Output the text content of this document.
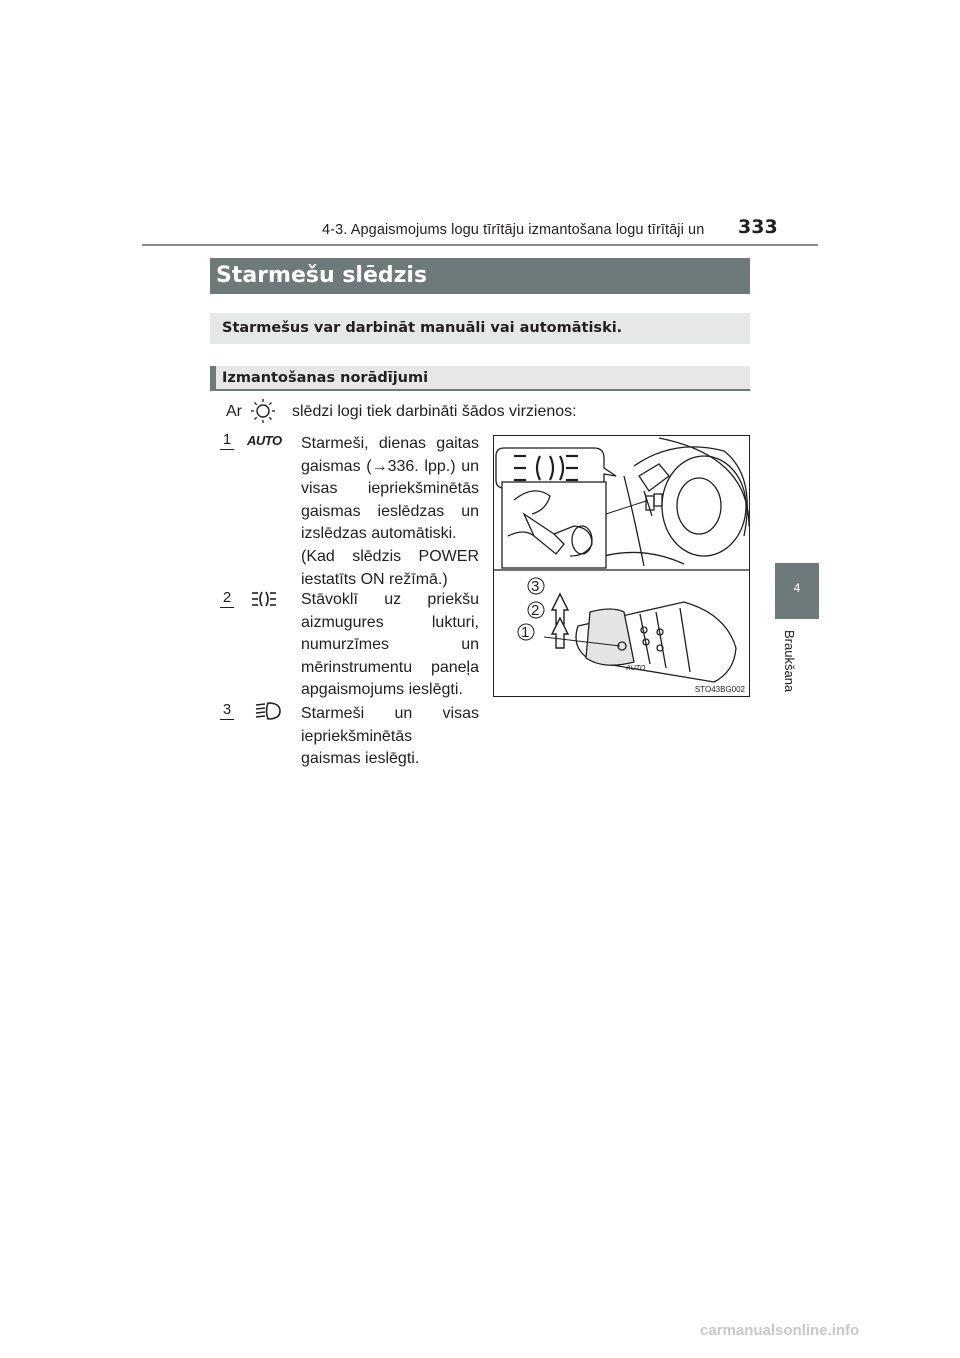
4-3. Apgaismojums logu tīrītāju izmantošana logu tīrītāji un 333
4
Braukšana
Starmešu slēdzis
Starmešus var darbināt manuāli vai automātiski.
Izmantošanas norādījumi
Ar	slēdzi logi tiek darbināti šādos virzienos:
1 AUTO Starmeši, dienas gaitas
gaismas (→336. lpp.) un
visas iepriekšminētās
gaismas ieslēdzas un
izslēdzas automātiski.
(Kad slēdzis POWER
iestatīts ON režīmā.)
2	Stāvoklī uz priekšu
aizmugures lukturi,
numurzīmes un
mērinstrumentu paneļa
apgaismojums ieslēgti.
3	Starmeši un visas
iepriekšminētās
gaismas ieslēgti.
3
2
1
AUTO
STO43BG002
carmanualsonline.info
